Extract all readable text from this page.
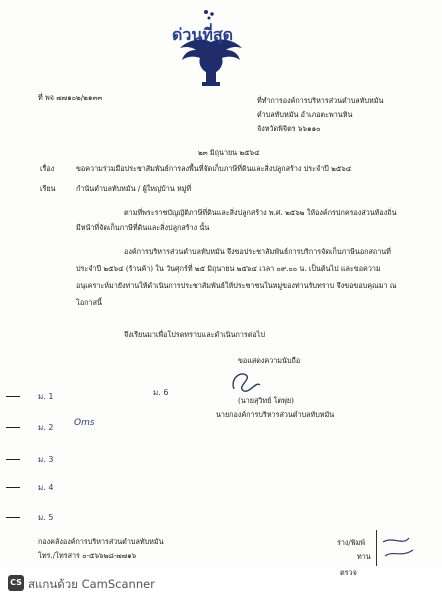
ด่วนที่สุด
ที่ พจ ๗๗๑๐๒/๒๑๓๓	ที่ทำการองค์การบริหารส่วนตำบลทับหมัน
ตำบลทับหมัน อำเภอตะพานหิน
จังหวัดพิจิตร ๖๖๑๑๐
๒๓ มิถุนายน ๒๕๖๔
เรื่อง	ขอความร่วมมือประชาสัมพันธ์การลงพื้นที่จัดเก็บภาษีที่ดินและสิ่งปลูกสร้าง ประจำปี ๒๕๖๔
เรียน	กำนันตำบลทับหมัน / ผู้ใหญ่บ้าน หมู่ที่
ตามที่พระราชบัญญัติภาษีที่ดินและสิ่งปลูกสร้าง พ.ศ. ๒๕๖๒ ให้องค์กรปกครองส่วนท้องถิ่น
มีหน้าที่จัดเก็บภาษีที่ดินและสิ่งปลูกสร้าง นั้น
องค์การบริหารส่วนตำบลทับหมัน จึงขอประชาสัมพันธ์การบริการจัดเก็บภาษีนอกสถานที่
ประจำปี ๒๕๖๔ (ร้านค้า) ใน วันศุกร์ที่ ๒๕ มิถุนายน ๒๕๖๔ เวลา ๐๙.๐๐ น. เป็นต้นไป และขอความ
อนุเคราะห์มายังท่านให้ดำเนินการประชาสัมพันธ์ให้ประชาชนในหมู่ของท่านรับทราบ จึงขอขอบคุณมา ณ
โอกาสนี้
จึงเรียนมาเพื่อโปรดทราบและดำเนินการต่อไป
ขอแสดงความนับถือ
(นายสุวิทย์ โตพุ่ย)
นายกองค์การบริหารส่วนตำบลทับหมัน
ม. 1	ม. 6
ม. 2 Oms
ม. 3
ม. 4
ม. 5
กองคลังองค์การบริหารส่วนตำบลทับหมัน
โทร./โทรสาร ๐-๕๖๖๒๘-๗๗๑๖
ร่าง/พิมพ์
ทาน
ตรวจ
CS สแกนด้วย CamScanner
